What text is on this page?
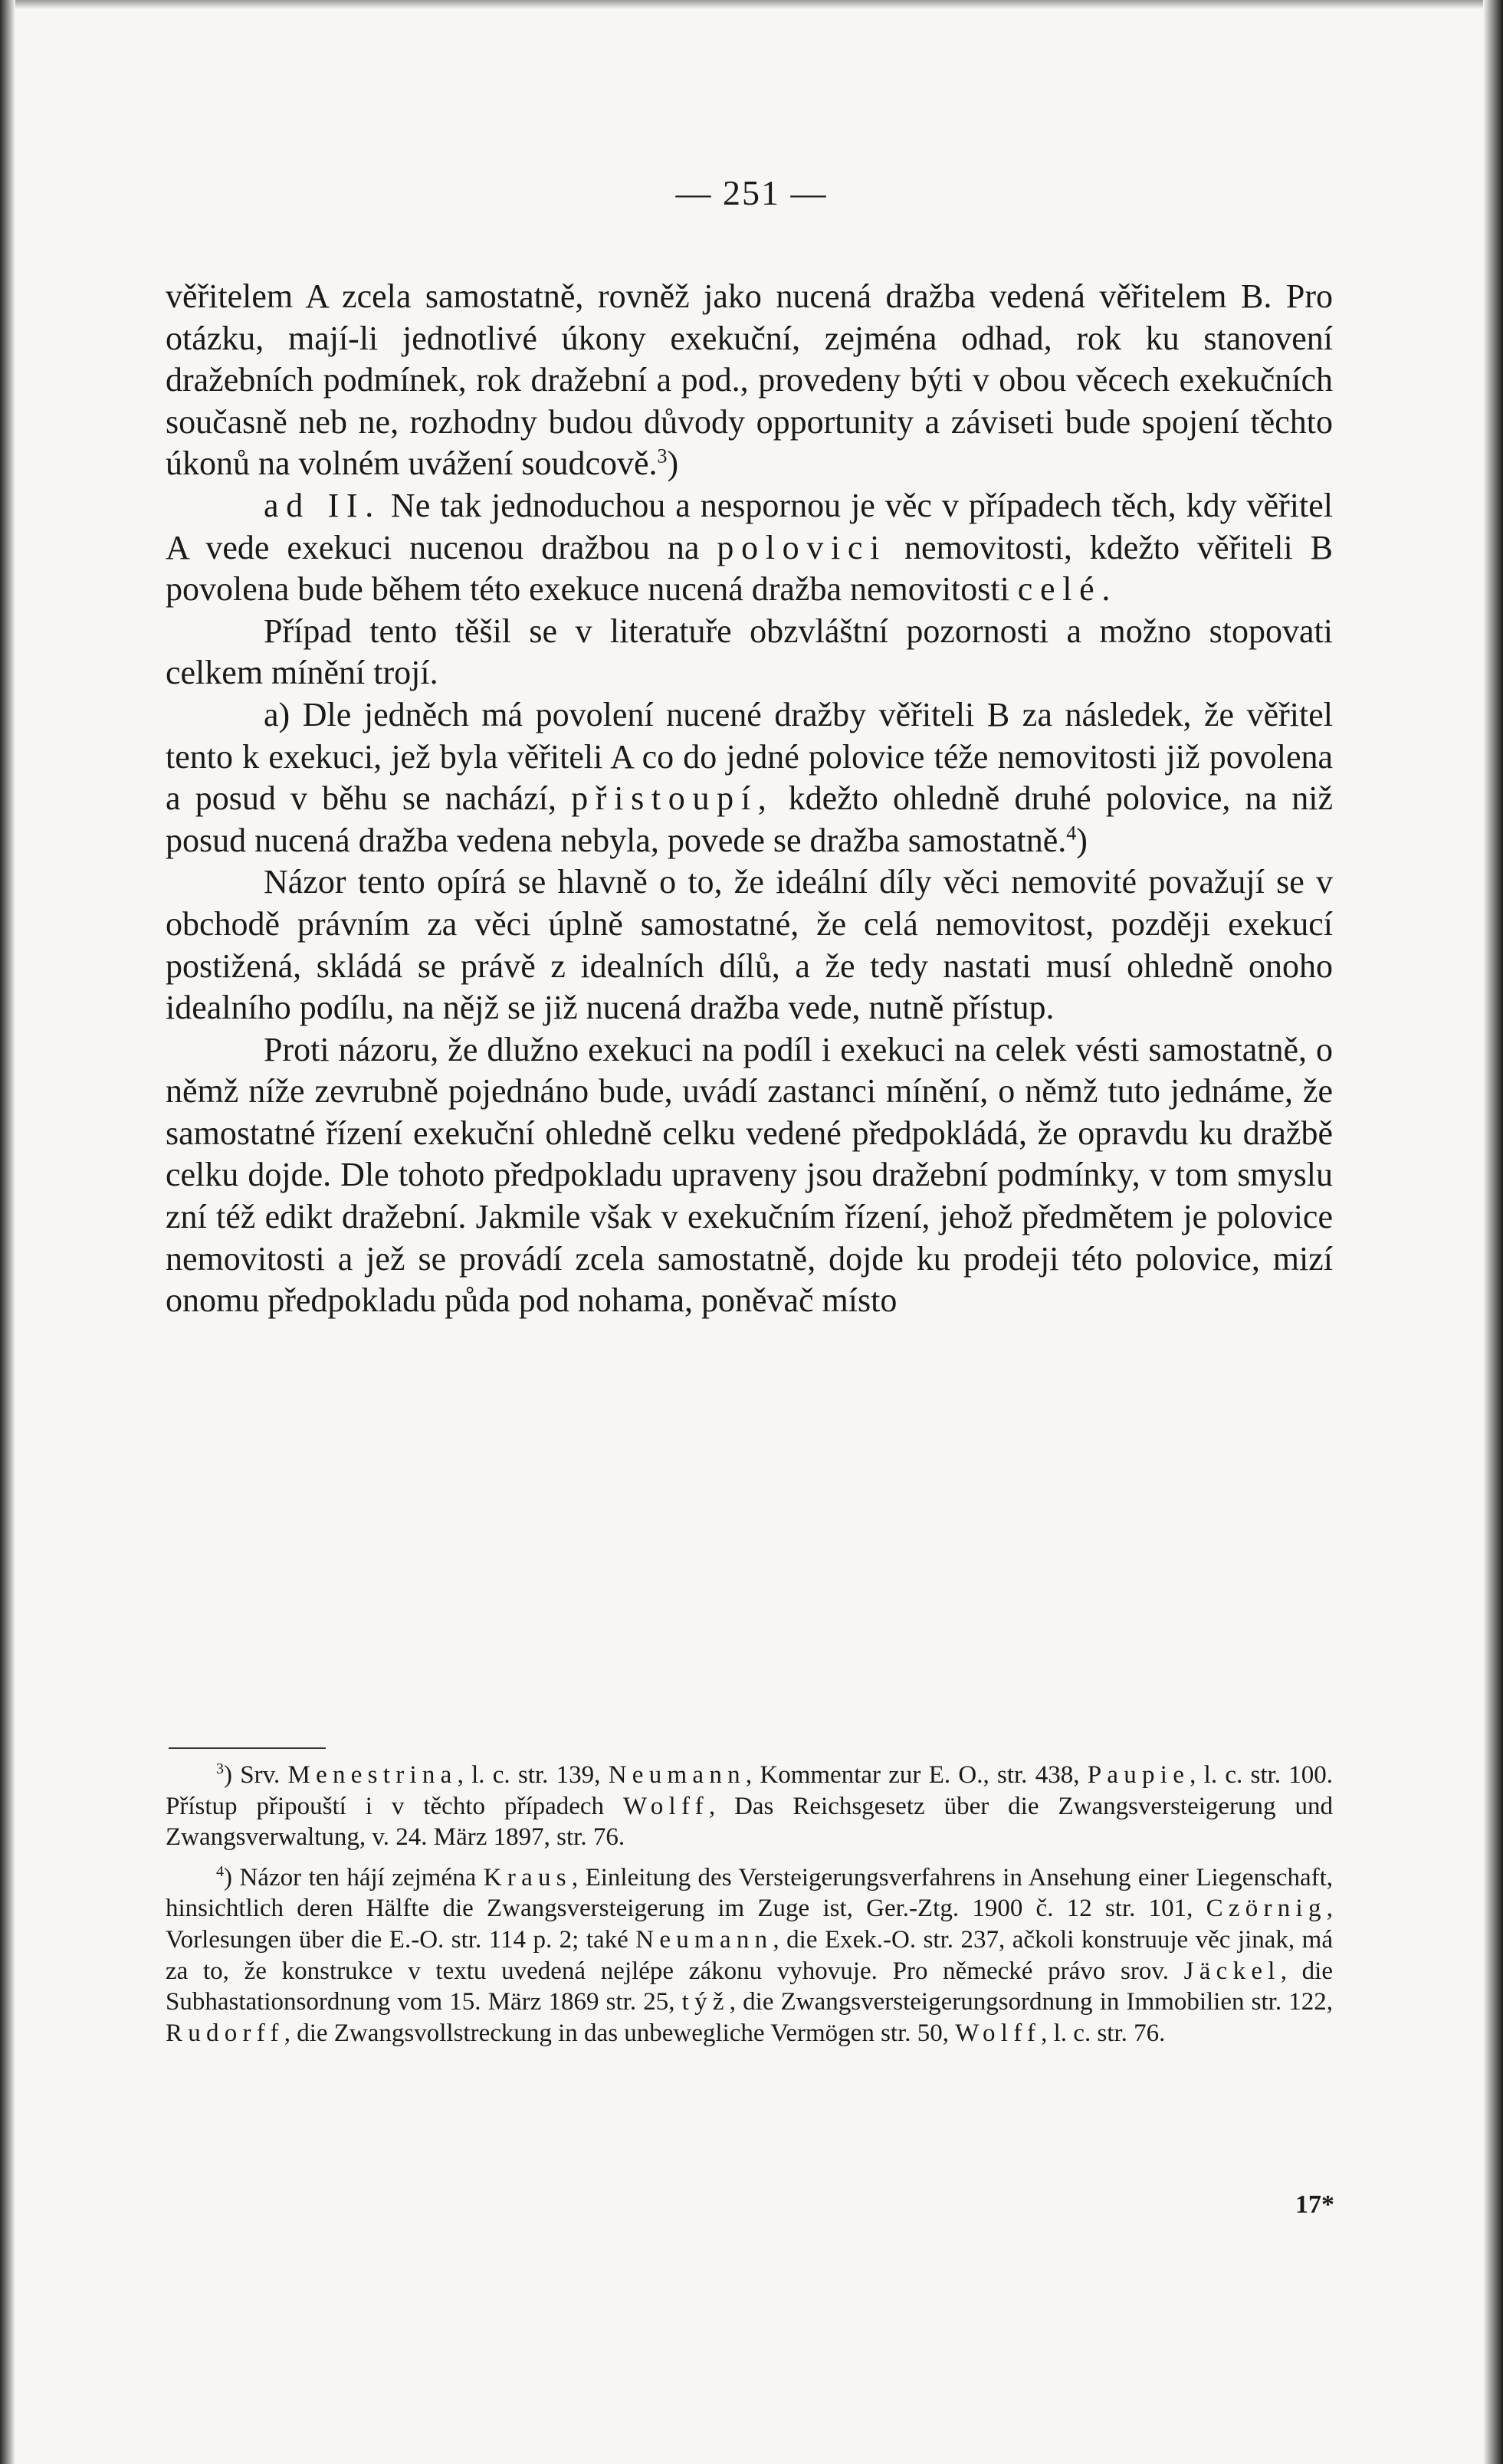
— 251 —

věřitelem A zcela samostatně, rovněž jako nucená dražba vedená věřitelem B. Pro otázku, mají-li jednotlivé úkony exekuční, zejména odhad, rok ku stanovení dražebních podmínek, rok dražební a pod., provedeny býti v obou věcech exekučních současně neb ne, rozhodny budou důvody opportunity a záviseti bude spojení těchto úkonů na volném uvážení soudcově.$^3$)

ad II. Ne tak jednoduchou a nespornou je věc v případech těch, kdy věřitel A vede exekuci nucenou dražbou na polovici nemovitosti, kdežto věřiteli B povolena bude během této exekuce nucená dražba nemovitosti celé.

Případ tento těšil se v literatuře obzvláštní pozornosti a možno stopovati celkem mínění trojí.

a) Dle jedněch má povolení nucené dražby věřiteli B za následek, že věřitel tento k exekuci, jež byla věřiteli A co do jedné polovice téže nemovitosti již povolena a posud v běhu se nachází, přistoupí, kdežto ohledně druhé polovice, na niž posud nucená dražba vedena nebyla, povede se dražba samostatně.$^4$)

Názor tento opírá se hlavně o to, že ideální díly věci nemovité považují se v obchodě právním za věci úplně samostatné, že celá nemovitost, později exekucí postižená, skládá se právě z idealních dílů, a že tedy nastati musí ohledně onoho idealního podílu, na nějž se již nucená dražba vede, nutně přístup.

Proti názoru, že dlužno exekuci na podíl i exekuci na celek vésti samostatně, o němž níže zevrubně pojednáno bude, uvádí zastanci mínění, o němž tuto jednáme, že samostatné řízení exekuční ohledně celku vedené předpokládá, že opravdu ku dražbě celku dojde. Dle tohoto předpokladu upraveny jsou dražební podmínky, v tom smyslu zní též edikt dražební. Jakmile však v exekučním řízení, jehož předmětem je polovice nemovitosti a jež se provádí zcela samostatně, dojde ku prodeji této polovice, mizí onomu předpokladu půda pod nohama, poněvač místo

$^3$) Srv. Menestrina, l. c. str. 139, Neumann, Kommentar zur E. O., str. 438, Paupie, l. c. str. 100. Přístup připouští i v těchto případech Wolff, Das Reichsgesetz über die Zwangsversteigerung und Zwangsverwaltung, v. 24. März 1897, str. 76.

$^4$) Názor ten hájí zejména Kraus, Einleitung des Versteigerungsverfahrens in Ansehung einer Liegenschaft, hinsichtlich deren Hälfte die Zwangsversteigerung im Zuge ist, Ger.-Ztg. 1900 č. 12 str. 101, Czörnig, Vorlesungen über die E.-O. str. 114 p. 2; také Neumann, die Exek.-O. str. 237, ačkoli konstruuje věc jinak, má za to, že konstrukce v textu uvedená nejlépe zákonu vyhovuje. Pro německé právo srov. Jäckel, die Subhastationsordnung vom 15. März 1869 str. 25, týž, die Zwangsversteigerungsordnung in Immobilien str. 122, Rudorff, die Zwangsvollstreckung in das unbewegliche Vermögen str. 50, Wolff, l. c. str. 76.

17*
